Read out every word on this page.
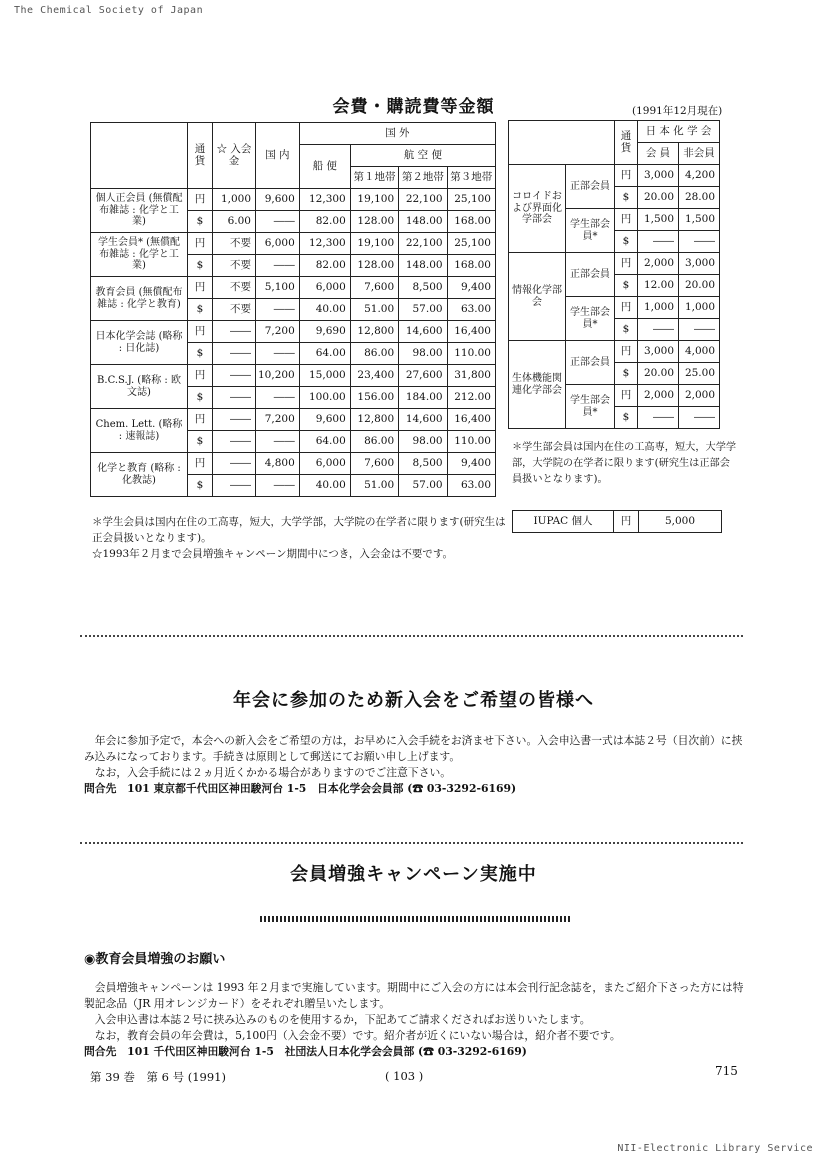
The Chemical Society of Japan
会費・購読費等金額	(1991年12月現在)
	通貨	☆ 入会金	国 内	国 外			
				船 便	航 空 便		
					第１地帯	第２地帯	第３地帯
個人正会員 (無償配布雑誌 : 化学と工業)	円	1,000	9,600	12,300	19,100	22,100	25,100
	$	6.00	――	82.00	128.00	148.00	168.00
学生会員* (無償配布雑誌 : 化学と工業)	円	不要	6,000	12,300	19,100	22,100	25,100
	$	不要	――	82.00	128.00	148.00	168.00
教育会員 (無償配布雑誌 : 化学と教育)	円	不要	5,100	6,000	7,600	8,500	9,400
	$	不要	――	40.00	51.00	57.00	63.00
日本化学会誌 (略称 : 日化誌)	円	――	7,200	9,690	12,800	14,600	16,400
	$	――	――	64.00	86.00	98.00	110.00
B.C.S.J. (略称 : 欧文誌)	円	――	10,200	15,000	23,400	27,600	31,800
	$	――	――	100.00	156.00	184.00	212.00
Chem. Lett. (略称 : 速報誌)	円	――	7,200	9,600	12,800	14,600	16,400
	$	――	――	64.00	86.00	98.00	110.00
化学と教育 (略称 : 化教誌)	円	――	4,800	6,000	7,600	8,500	9,400
	$	――	――	40.00	51.00	57.00	63.00
＊学生会員は国内在住の工高専，短大，大学学部，大学院の在学者に限ります(研究生は正会員扱いとなります)。
☆1993年２月まで会員増強キャンペーン期間中につき，入会金は不要です。
		通貨	日 本 化 学 会	
			会 員	非会員
コロイドおよび界面化学部会	正部会員	円	3,000	4,200
		$	20.00	28.00
	学生部会員*	円	1,500	1,500
		$	――	――
情報化学部会	正部会員	円	2,000	3,000
		$	12.00	20.00
	学生部会員*	円	1,000	1,000
		$	――	――
生体機能関連化学部会	正部会員	円	3,000	4,000
		$	20.00	25.00
	学生部会員*	円	2,000	2,000
		$	――	――
＊学生部会員は国内在住の工高専，短大，大学学部，大学院の在学者に限ります(研究生は正部会員扱いとなります)。
IUPAC 個人	円	5,000
年会に参加のため新入会をご希望の皆様へ
年会に参加予定で，本会への新入会をご希望の方は，お早めに入会手続をお済ませ下さい。入会申込書一式は本誌２号（目次前）に挟み込みになっております。手続きは原則として郵送にてお願い申し上げます。
なお，入会手続には２ヵ月近くかかる場合がありますのでご注意下さい。
問合先　101 東京都千代田区神田駿河台 1-5　日本化学会会員部 (☎ 03-3292-6169)
会員増強キャンペーン実施中
◉教育会員増強のお願い
会員増強キャンペーンは 1993 年２月まで実施しています。期間中にご入会の方には本会刊行記念誌を，またご紹介下さった方には特製記念品（JR 用オレンジカード）をそれぞれ贈呈いたします。
入会申込書は本誌２号に挟み込みのものを使用するか，下記あてご請求くださればお送りいたします。
なお，教育会員の年会費は，5,100円（入会金不要）です。紹介者が近くにいない場合は，紹介者不要です。
問合先　101 千代田区神田駿河台 1-5　社団法人日本化学会会員部 (☎ 03-3292-6169)
第 39 巻　第 6 号 (1991)	( 103 )	715
NII-Electronic Library Service
